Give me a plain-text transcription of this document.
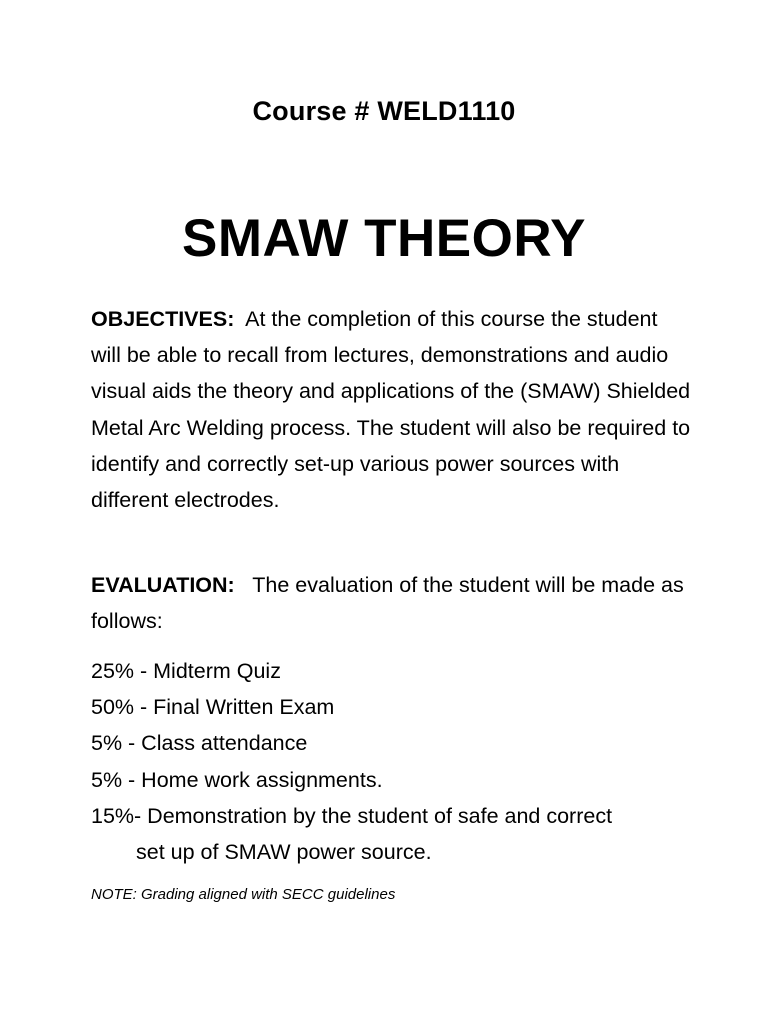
Course # WELD1110
SMAW THEORY
OBJECTIVES: At the completion of this course the student will be able to recall from lectures, demonstrations and audio visual aids the theory and applications of the (SMAW) Shielded Metal Arc Welding process. The student will also be required to identify and correctly set-up various power sources with different electrodes.
EVALUATION: The evaluation of the student will be made as follows:
25% - Midterm Quiz
50% - Final Written Exam
5% - Class attendance
5% - Home work assignments.
15%- Demonstration by the student of safe and correct
set up of SMAW power source.
NOTE: Grading aligned with SECC guidelines
